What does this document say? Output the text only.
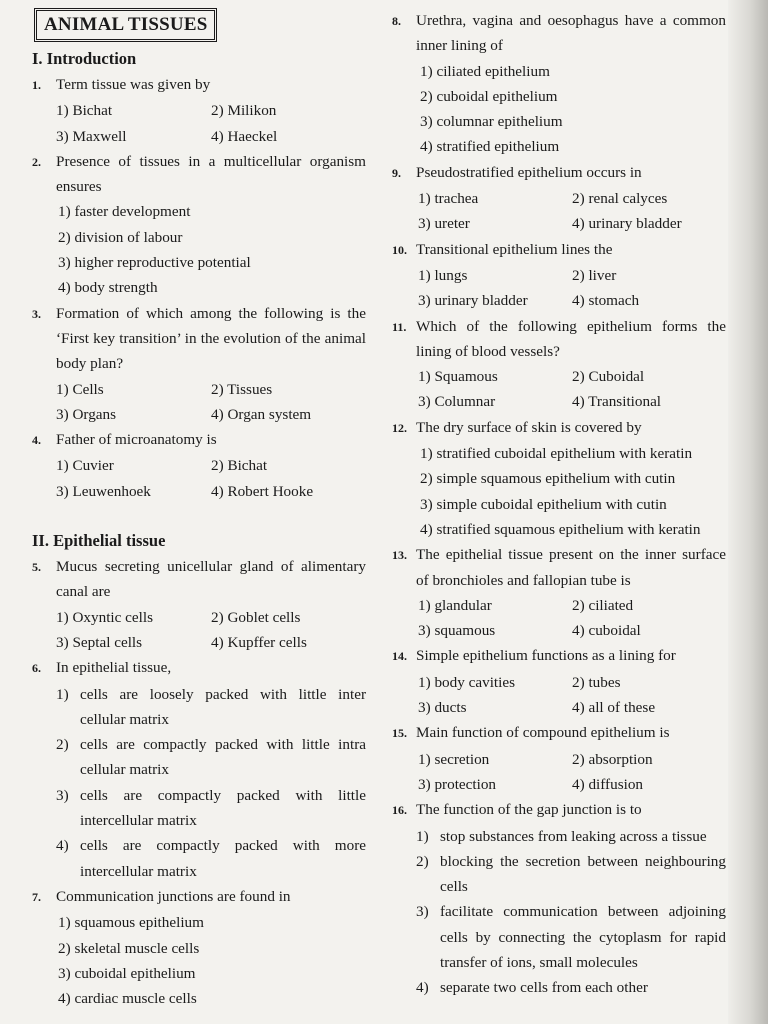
ANIMAL TISSUES
I. Introduction
1. Term tissue was given by
1) Bichat	2) Milikon
3) Maxwell	4) Haeckel
2. Presence of tissues in a multicellular organism ensures
1) faster development
2) division of labour
3) higher reproductive potential
4) body strength
3. Formation of which among the following is the ‘First key transition’ in the evolution of the animal body plan?
1) Cells	2) Tissues
3) Organs	4) Organ system
4. Father of microanatomy is
1) Cuvier	2) Bichat
3) Leuwenhoek	4) Robert Hooke
II. Epithelial tissue
5. Mucus secreting unicellular gland of alimentary canal are
1) Oxyntic cells	2) Goblet cells
3) Septal cells	4) Kupffer cells
6. In epithelial tissue,
1) cells are loosely packed with little inter cellular matrix
2) cells are compactly packed with little intra cellular matrix
3) cells are compactly packed with little intercellular matrix
4) cells are compactly packed with more intercellular matrix
7. Communication junctions are found in
1) squamous epithelium
2) skeletal muscle cells
3) cuboidal epithelium
4) cardiac muscle cells
8. Urethra, vagina and oesophagus have a common inner lining of
1) ciliated epithelium
2) cuboidal epithelium
3) columnar epithelium
4) stratified epithelium
9. Pseudostratified epithelium occurs in
1) trachea	2) renal calyces
3) ureter	4) urinary bladder
10. Transitional epithelium lines the
1) lungs	2) liver
3) urinary bladder	4) stomach
11. Which of the following epithelium forms the lining of blood vessels?
1) Squamous	2) Cuboidal
3) Columnar	4) Transitional
12. The dry surface of skin is covered by
1) stratified cuboidal epithelium with keratin
2) simple squamous epithelium with cutin
3) simple cuboidal epithelium with cutin
4) stratified squamous epithelium with keratin
13. The epithelial tissue present on the inner surface of bronchioles and fallopian tube is
1) glandular	2) ciliated
3) squamous	4) cuboidal
14. Simple epithelium functions as a lining for
1) body cavities	2) tubes
3) ducts	4) all of these
15. Main function of compound epithelium is
1) secretion	2) absorption
3) protection	4) diffusion
16. The function of the gap junction is to
1) stop substances from leaking across a tissue
2) blocking the secretion between neighbouring cells
3) facilitate communication between adjoining cells by connecting the cytoplasm for rapid transfer of ions, small molecules
4) separate two cells from each other
